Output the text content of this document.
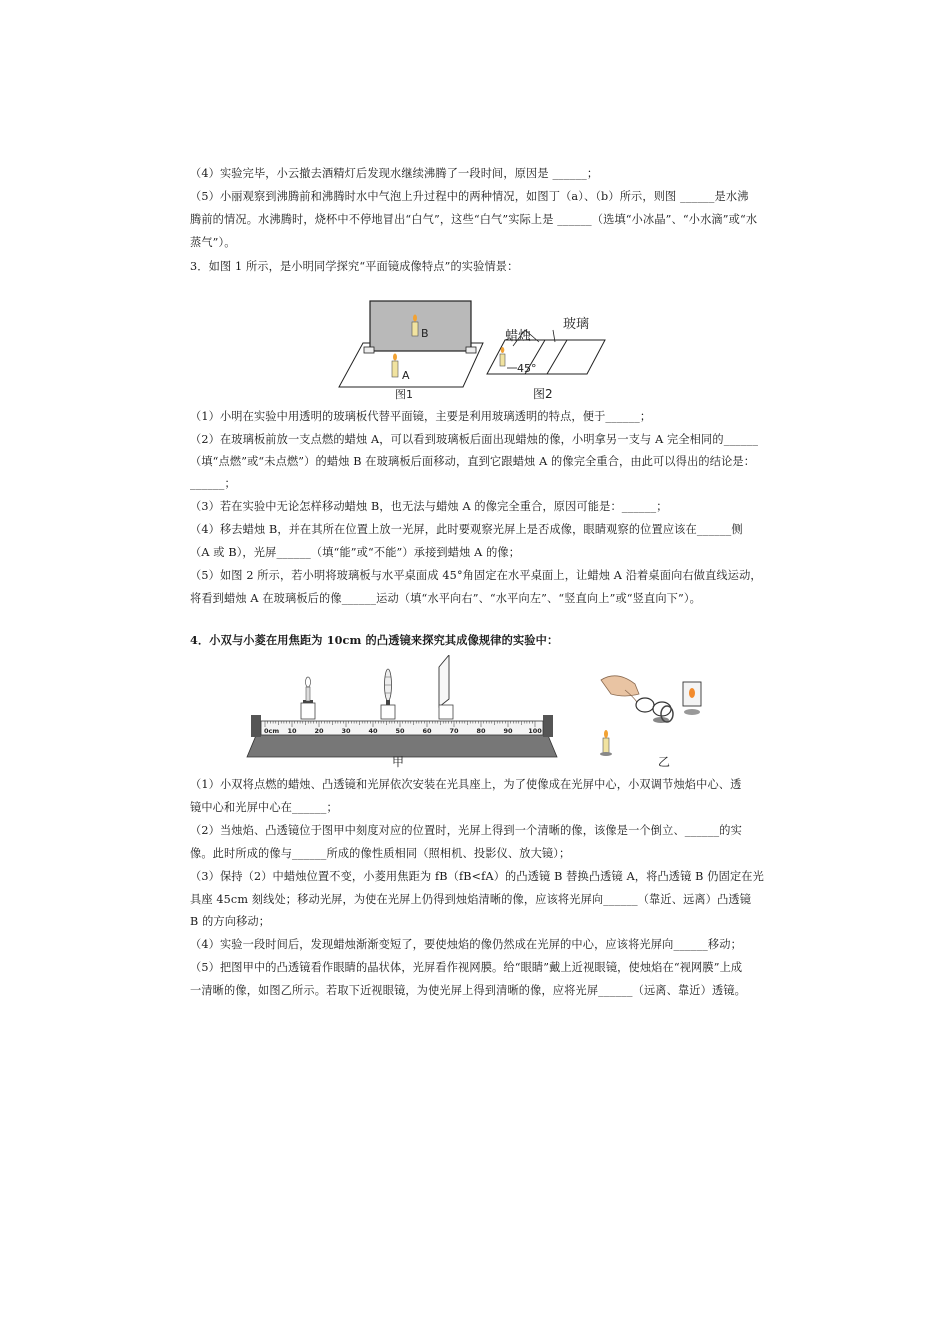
（4）实验完毕，小云撤去酒精灯后发现水继续沸腾了一段时间，原因是 ______；
（5）小丽观察到沸腾前和沸腾时水中气泡上升过程中的两种情况，如图丁（a）、（b）所示，则图 ______是水沸
腾前的情况。水沸腾时，烧杯中不停地冒出“白气”，这些“白气”实际上是 ______（选填“小冰晶”、“小水滴”或“水
蒸气”）。
3．如图 1 所示，是小明同学探究“平面镜成像特点”的实验情景：
B
A
图1
蜡烛
玻璃
45°
图2
（1）小明在实验中用透明的玻璃板代替平面镜，主要是利用玻璃透明的特点，便于______；
（2）在玻璃板前放一支点燃的蜡烛 A，可以看到玻璃板后面出现蜡烛的像，小明拿另一支与 A 完全相同的______
（填“点燃”或“未点燃”）的蜡烛 B 在玻璃板后面移动，直到它跟蜡烛 A 的像完全重合，由此可以得出的结论是：
______；
（3）若在实验中无论怎样移动蜡烛 B，也无法与蜡烛 A 的像完全重合，原因可能是：______；
（4）移去蜡烛 B，并在其所在位置上放一光屏，此时要观察光屏上是否成像，眼睛观察的位置应该在______侧
（A 或 B），光屏______（填“能”或“不能”）承接到蜡烛 A 的像；
（5）如图 2 所示，若小明将玻璃板与水平桌面成 45°角固定在水平桌面上，让蜡烛 A 沿着桌面向右做直线运动，
将看到蜡烛 A 在玻璃板后的像______运动（填“水平向右”、“水平向左”、“竖直向上”或“竖直向下”）。
4．小双与小菱在用焦距为 10cm 的凸透镜来探究其成像规律的实验中：
0cm 10	20	30	40	50	60	70	80	90 100
甲	乙
（1）小双将点燃的蜡烛、凸透镜和光屏依次安装在光具座上，为了使像成在光屏中心，小双调节烛焰中心、透
镜中心和光屏中心在______；
（2）当烛焰、凸透镜位于图甲中刻度对应的位置时，光屏上得到一个清晰的像，该像是一个倒立、______的实
像。此时所成的像与______所成的像性质相同（照相机、投影仪、放大镜）；
（3）保持（2）中蜡烛位置不变，小菱用焦距为 fB（fB<fA）的凸透镜 B 替换凸透镜 A，将凸透镜 B 仍固定在光
具座 45cm 刻线处；移动光屏，为使在光屏上仍得到烛焰清晰的像，应该将光屏向______（靠近、远离）凸透镜
B 的方向移动；
（4）实验一段时间后，发现蜡烛渐渐变短了，要使烛焰的像仍然成在光屏的中心，应该将光屏向______移动；
（5）把图甲中的凸透镜看作眼睛的晶状体，光屏看作视网膜。给“眼睛”戴上近视眼镜，使烛焰在“视网膜”上成
一清晰的像，如图乙所示。若取下近视眼镜，为使光屏上得到清晰的像，应将光屏______（远离、靠近）透镜。
